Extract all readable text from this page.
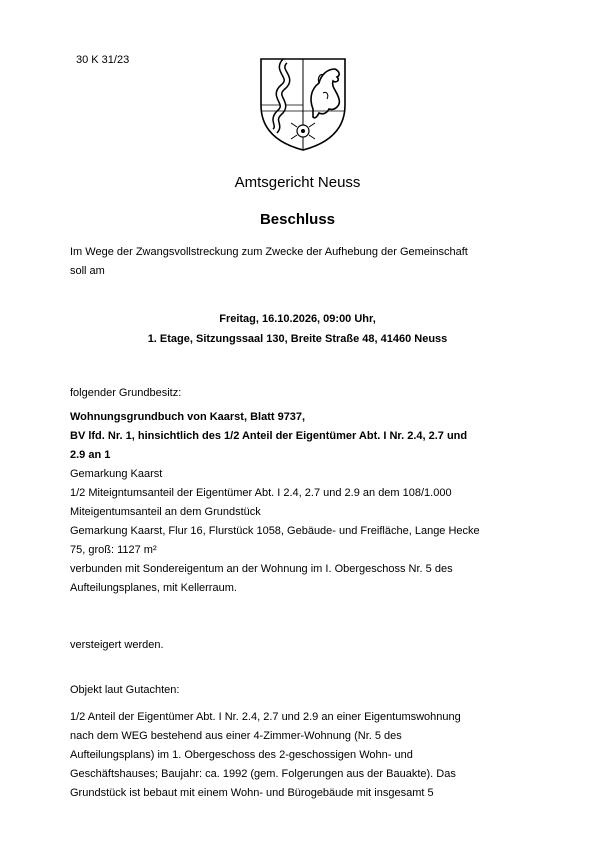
30 K 31/23
Amtsgericht Neuss
Beschluss
Im Wege der Zwangsvollstreckung zum Zwecke der Aufhebung der Gemeinschaft
soll am
Freitag, 16.10.2026, 09:00 Uhr,
1. Etage, Sitzungssaal 130, Breite Straße 48, 41460 Neuss
folgender Grundbesitz:
Wohnungsgrundbuch von Kaarst, Blatt 9737,
BV lfd. Nr. 1, hinsichtlich des 1/2 Anteil der Eigentümer Abt. I Nr. 2.4, 2.7 und
2.9 an 1
Gemarkung Kaarst
1/2 Miteigntumsanteil der Eigentümer Abt. I 2.4, 2.7 und 2.9 an dem 108/1.000
Miteigentumsanteil an dem Grundstück
Gemarkung Kaarst, Flur 16, Flurstück 1058, Gebäude- und Freifläche, Lange Hecke
75, groß: 1127 m²
verbunden mit Sondereigentum an der Wohnung im I. Obergeschoss Nr. 5 des
Aufteilungsplanes, mit Kellerraum.
versteigert werden.
Objekt laut Gutachten:
1/2 Anteil der Eigentümer Abt. I Nr. 2.4, 2.7 und 2.9 an einer Eigentumswohnung
nach dem WEG bestehend aus einer 4-Zimmer-Wohnung (Nr. 5 des
Aufteilungsplans) im 1. Obergeschoss des 2-geschossigen Wohn- und
Geschäftshauses; Baujahr: ca. 1992 (gem. Folgerungen aus der Bauakte). Das
Grundstück ist bebaut mit einem Wohn- und Bürogebäude mit insgesamt 5
